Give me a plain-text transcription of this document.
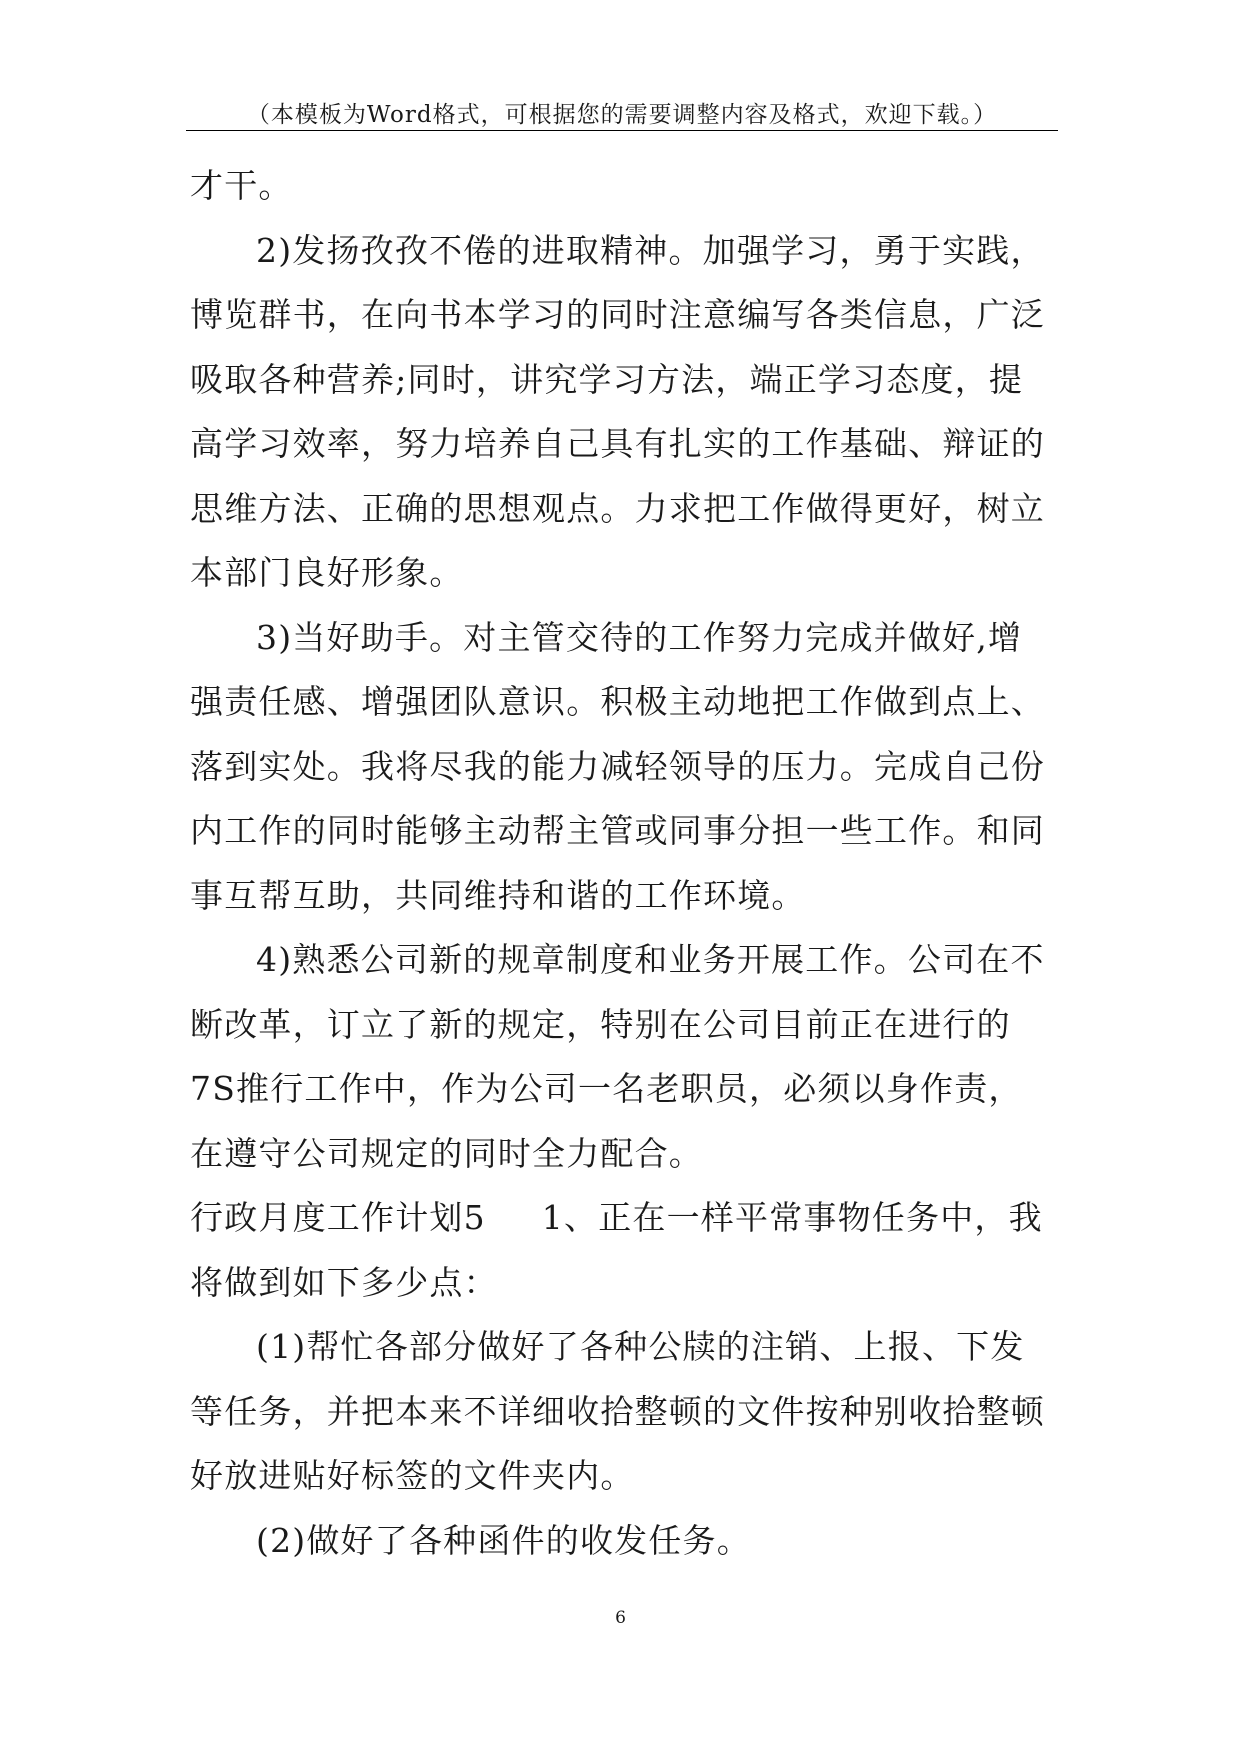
（本模板为Word格式，可根据您的需要调整内容及格式，欢迎下载。）

才干。

2)发扬孜孜不倦的进取精神。加强学习，勇于实践，博览群书，在向书本学习的同时注意编写各类信息，广泛吸取各种营养;同时，讲究学习方法，端正学习态度，提高学习效率，努力培养自己具有扎实的工作基础、辩证的思维方法、正确的思想观点。力求把工作做得更好，树立本部门良好形象。

3)当好助手。对主管交待的工作努力完成并做好,增强责任感、增强团队意识。积极主动地把工作做到点上、落到实处。我将尽我的能力减轻领导的压力。完成自己份内工作的同时能够主动帮主管或同事分担一些工作。和同事互帮互助，共同维持和谐的工作环境。

4)熟悉公司新的规章制度和业务开展工作。公司在不断改革，订立了新的规定，特别在公司目前正在进行的7S推行工作中，作为公司一名老职员，必须以身作责，在遵守公司规定的同时全力配合。

行政月度工作计划5 1、正在一样平常事物任务中，我将做到如下多少点：

(1)帮忙各部分做好了各种公牍的注销、上报、下发等任务，并把本来不详细收拾整顿的文件按种别收拾整顿好放进贴好标签的文件夹内。

(2)做好了各种函件的收发任务。

6
